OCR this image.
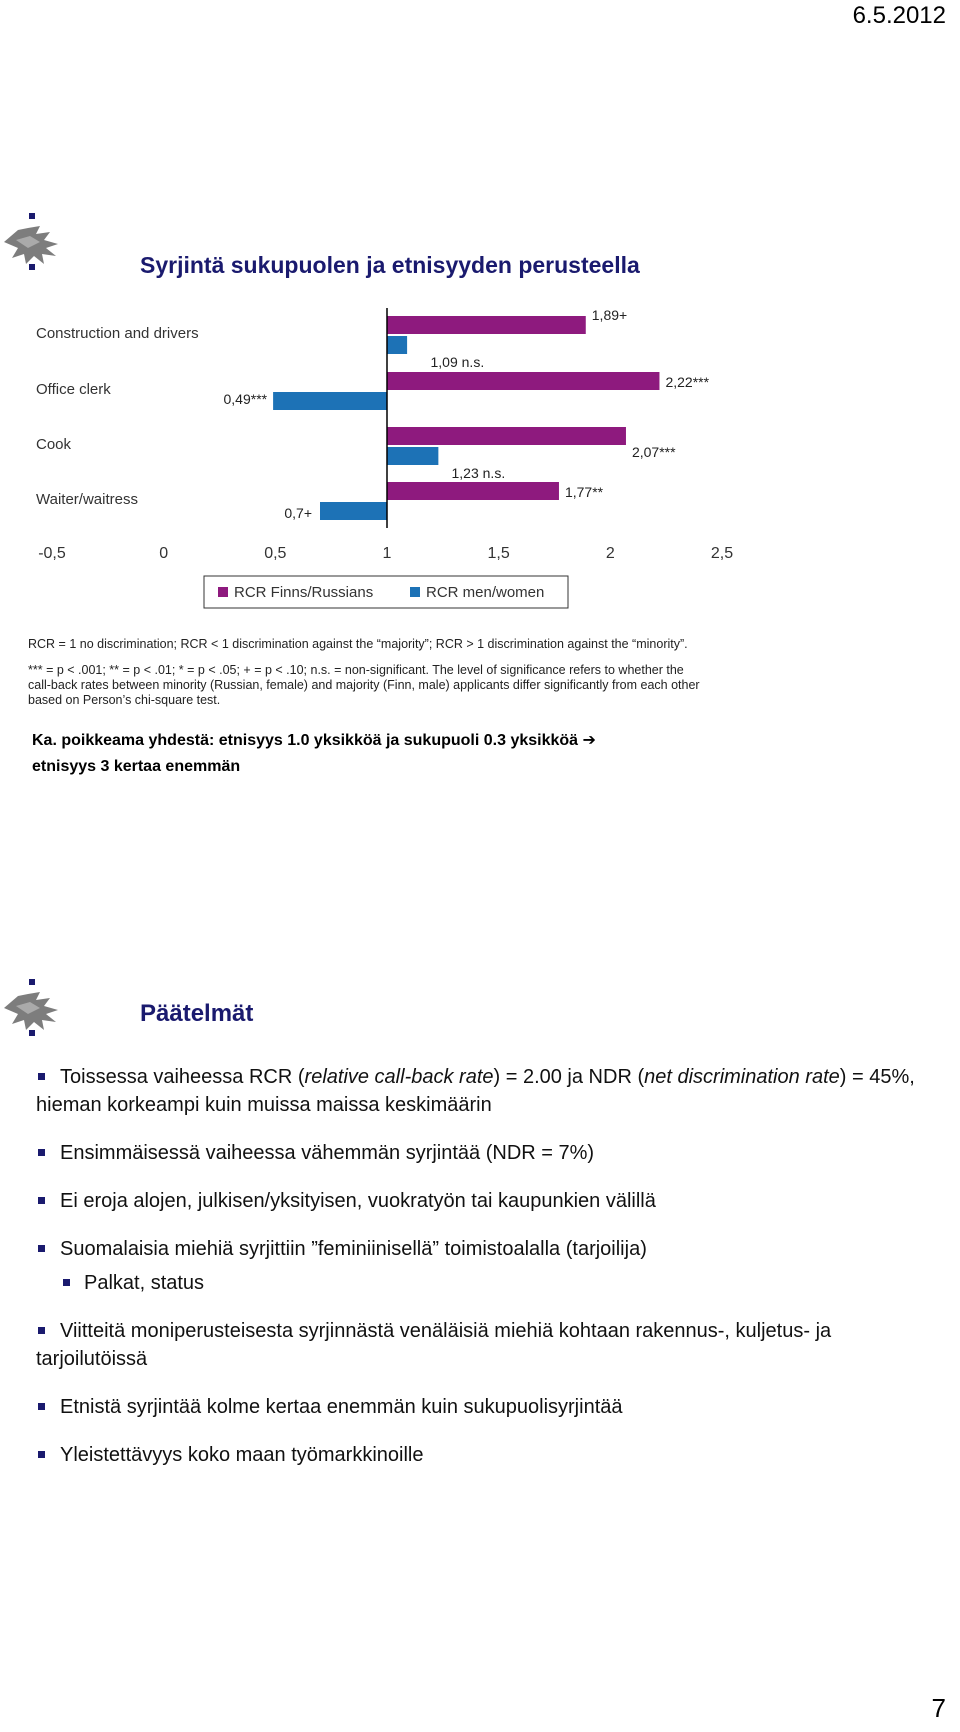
6.5.2012
Syrjintä sukupuolen ja etnisyyden perusteella
1,89+
1,09 n.s.
2,22***
0,49***
2,07***
1,23 n.s.
1,77**
0,7+
Construction and drivers
Office clerk
Cook
Waiter/waitress
-0,5	0	0,5	1	1,5	2	2,5
RCR Finns/Russians	RCR men/women
RCR = 1 no discrimination; RCR < 1 discrimination against the “majority”; RCR > 1 discrimination against the “minority”.
*** = p < .001; ** = p < .01; * = p < .05; + = p < .10; n.s. = non-significant. The level of significance refers to whether the
call-back rates between minority (Russian, female) and majority (Finn, male) applicants differ significantly from each other
based on Person’s chi-square test.
Ka. poikkeama yhdestä: etnisyys 1.0 yksikköä ja sukupuoli 0.3 yksikköä ➔
etnisyys 3 kertaa enemmän
Päätelmät
Toissessa vaiheessa RCR (relative call-back rate) = 2.00 ja NDR (net discrimination rate) = 45%, hieman korkeampi kuin muissa maissa keskimäärin
Ensimmäisessä vaiheessa vähemmän syrjintää (NDR = 7%)
Ei eroja alojen, julkisen/yksityisen, vuokratyön tai kaupunkien välillä
Suomalaisia miehiä syrjittiin ”feminiinisellä” toimistoalalla (tarjoilija)
Palkat, status
Viitteitä moniperusteisesta syrjinnästä venäläisiä miehiä kohtaan rakennus-, kuljetus- ja tarjoilutöissä
Etnistä syrjintää kolme kertaa enemmän kuin sukupuolisyrjintää
Yleistettävyys koko maan työmarkkinoille
7
